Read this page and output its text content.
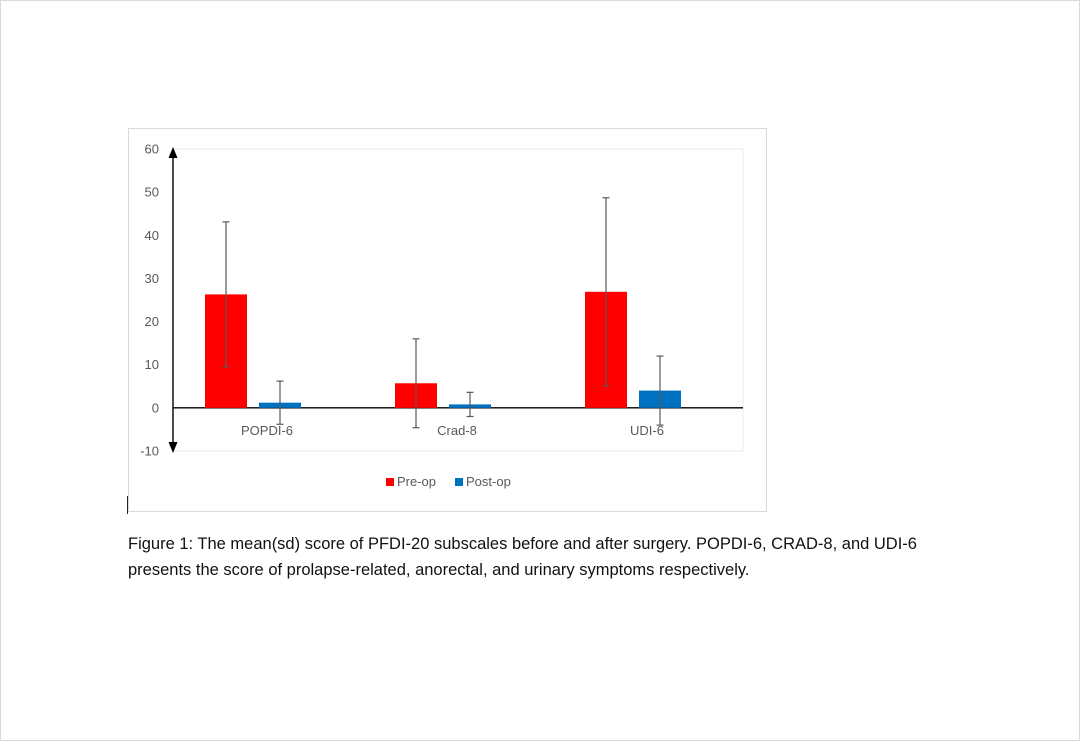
60
50
40
30
20
10
0
-10
POPDI-6	Crad-8	UDI-6
Pre-op Post-op
Figure 1: The mean(sd) score of PFDI-20 subscales before and after surgery. POPDI-6, CRAD-8, and UDI-6
presents the score of prolapse-related, anorectal, and urinary symptoms respectively.
